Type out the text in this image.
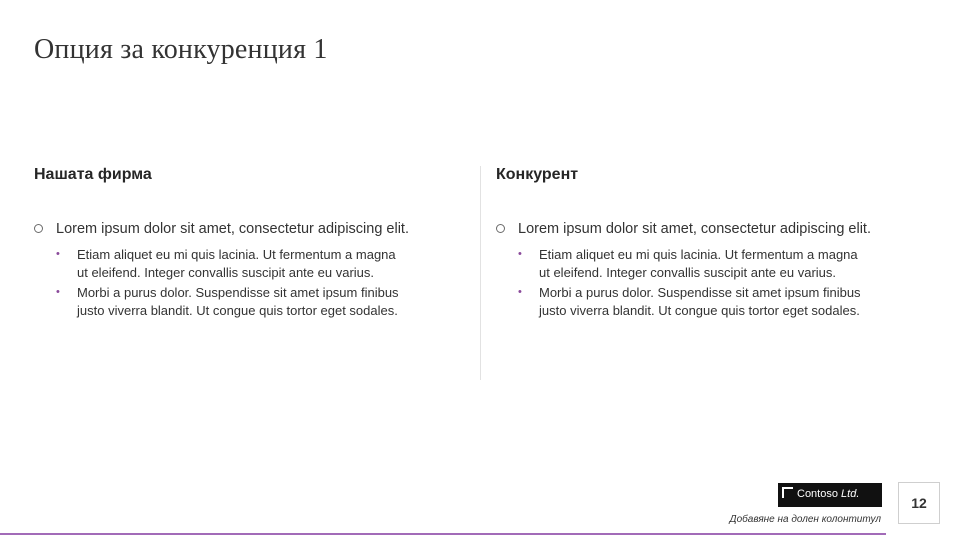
Опция за конкуренция 1
Нашата фирма
Lorem ipsum dolor sit amet, consectetur adipiscing elit.
• Etiam aliquet eu mi quis lacinia. Ut fermentum a magna ut eleifend. Integer convallis suscipit ante eu varius.
• Morbi a purus dolor. Suspendisse sit amet ipsum finibus justo viverra blandit. Ut congue quis tortor eget sodales.
Конкурент
Lorem ipsum dolor sit amet, consectetur adipiscing elit.
• Etiam aliquet eu mi quis lacinia. Ut fermentum a magna ut eleifend. Integer convallis suscipit ante eu varius.
• Morbi a purus dolor. Suspendisse sit amet ipsum finibus justo viverra blandit. Ut congue quis tortor eget sodales.
Contoso Ltd.
Добавяне на долен колонтитул
12
